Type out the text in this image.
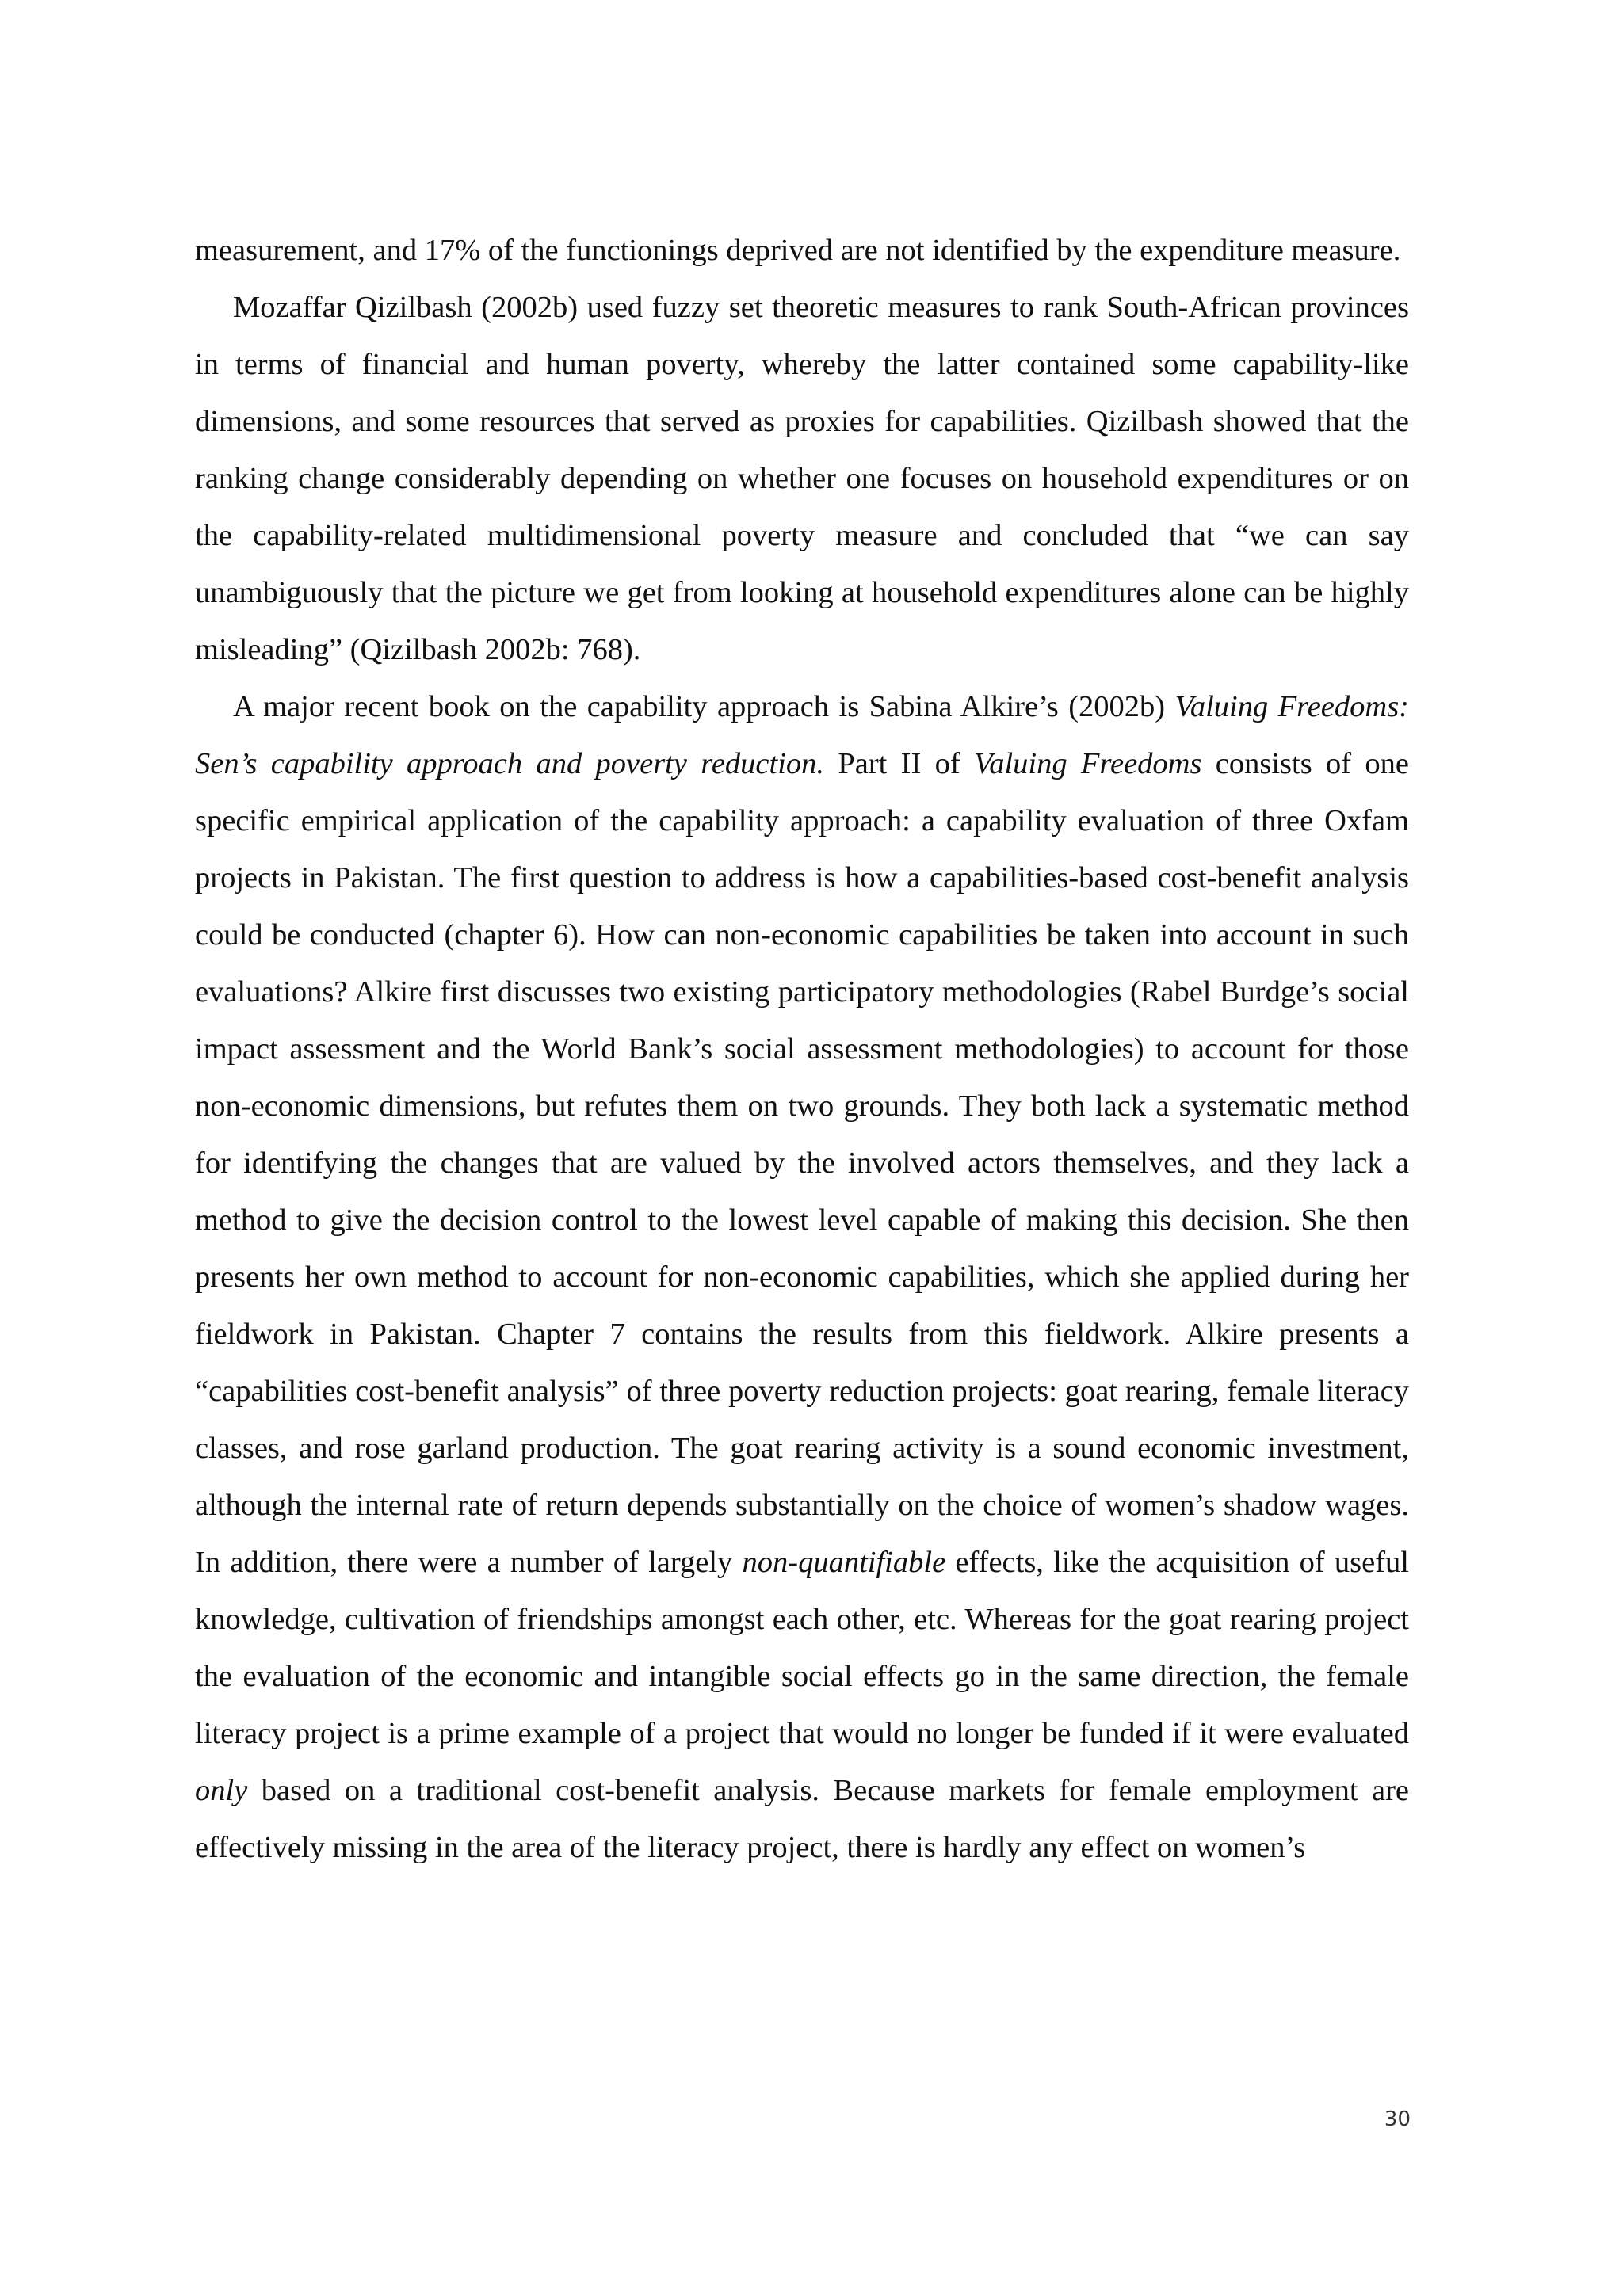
measurement, and 17% of the functionings deprived are not identified by the expenditure measure.

Mozaffar Qizilbash (2002b) used fuzzy set theoretic measures to rank South-African provinces in terms of financial and human poverty, whereby the latter contained some capability-like dimensions, and some resources that served as proxies for capabilities. Qizilbash showed that the ranking change considerably depending on whether one focuses on household expenditures or on the capability-related multidimensional poverty measure and concluded that “we can say unambiguously that the picture we get from looking at household expenditures alone can be highly misleading” (Qizilbash 2002b: 768).

A major recent book on the capability approach is Sabina Alkire’s (2002b) Valuing Freedoms: Sen’s capability approach and poverty reduction. Part II of Valuing Freedoms consists of one specific empirical application of the capability approach: a capability evaluation of three Oxfam projects in Pakistan. The first question to address is how a capabilities-based cost-benefit analysis could be conducted (chapter 6). How can non-economic capabilities be taken into account in such evaluations? Alkire first discusses two existing participatory methodologies (Rabel Burdge’s social impact assessment and the World Bank’s social assessment methodologies) to account for those non-economic dimensions, but refutes them on two grounds. They both lack a systematic method for identifying the changes that are valued by the involved actors themselves, and they lack a method to give the decision control to the lowest level capable of making this decision. She then presents her own method to account for non-economic capabilities, which she applied during her fieldwork in Pakistan. Chapter 7 contains the results from this fieldwork. Alkire presents a “capabilities cost-benefit analysis” of three poverty reduction projects: goat rearing, female literacy classes, and rose garland production. The goat rearing activity is a sound economic investment, although the internal rate of return depends substantially on the choice of women’s shadow wages. In addition, there were a number of largely non-quantifiable effects, like the acquisition of useful knowledge, cultivation of friendships amongst each other, etc. Whereas for the goat rearing project the evaluation of the economic and intangible social effects go in the same direction, the female literacy project is a prime example of a project that would no longer be funded if it were evaluated only based on a traditional cost-benefit analysis. Because markets for female employment are effectively missing in the area of the literacy project, there is hardly any effect on women’s

30
